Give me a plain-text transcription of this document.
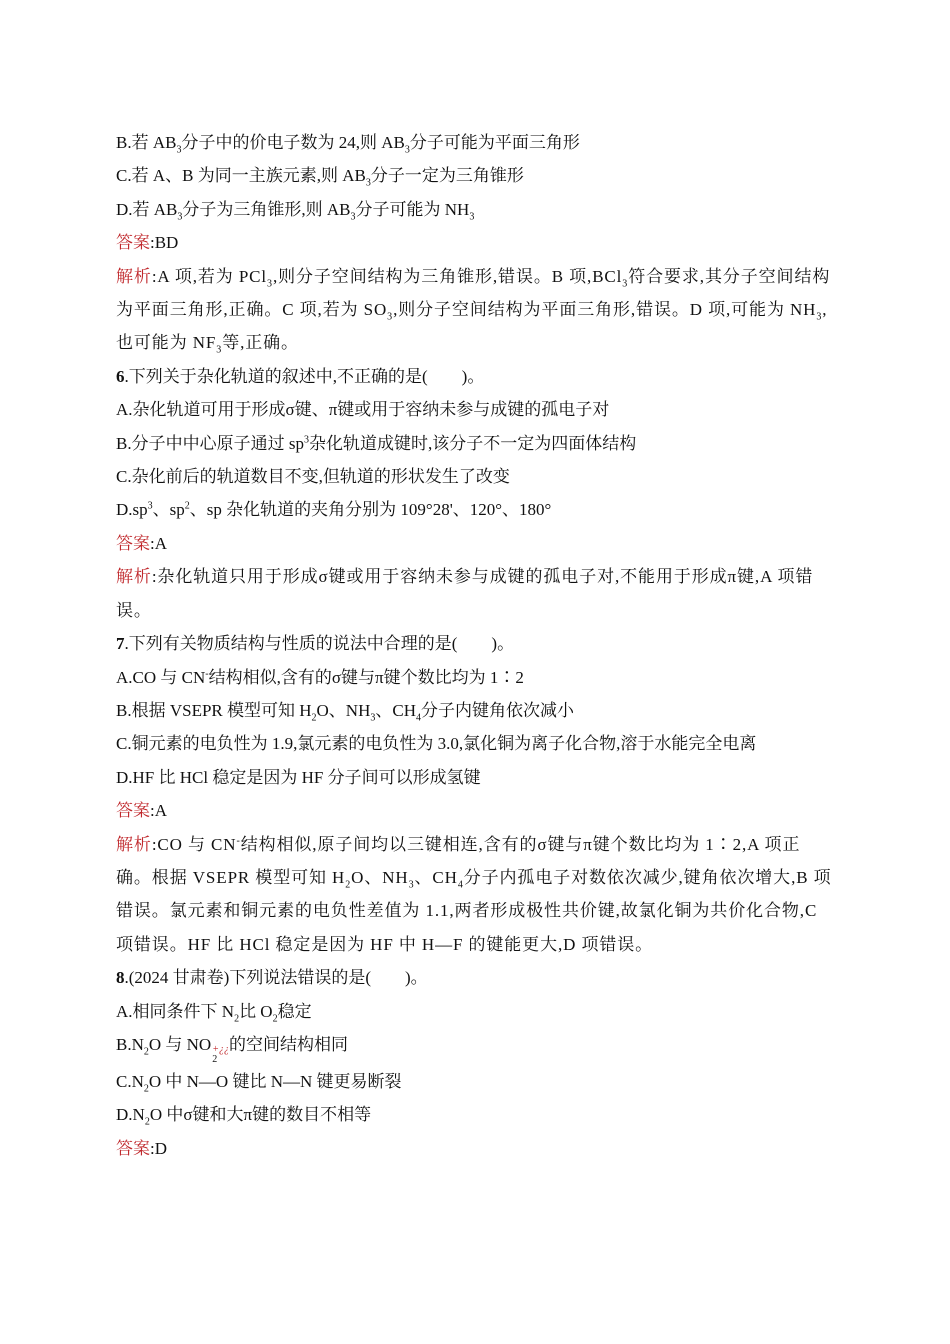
B.若 $AB_3$分子中的价电子数为 24,则 $AB_3$分子可能为平面三角形
C.若 A、B 为同一主族元素,则 $AB_3$分子一定为三角锥形
D.若 $AB_3$分子为三角锥形,则 $AB_3$分子可能为 $NH_3$
答案:BD
解析:A 项,若为 PCl$_3$,则分子空间结构为三角锥形,错误。B 项,BCl$_3$符合要求,其分子空间结构为平面三角形,正确。C 项,若为 $SO_3$,则分子空间结构为平面三角形,错误。D 项,可能为 $NH_3$,也可能为 $NF_3$等,正确。
6.下列关于杂化轨道的叙述中,不正确的是(　　)。
A.杂化轨道可用于形成σ键、π键或用于容纳未参与成键的孤电子对
B.分子中中心原子通过 $sp^3$杂化轨道成键时,该分子不一定为四面体结构
C.杂化前后的轨道数目不变,但轨道的形状发生了改变
$D.sp^3$、$sp^2$、sp 杂化轨道的夹角分别为 109°28'、120°、180°
答案:A
解析:杂化轨道只用于形成σ键或用于容纳未参与成键的孤电子对,不能用于形成π键,A 项错误。
7.下列有关物质结构与性质的说法中合理的是(　　)。
A.CO 与 CN-结构相似,含有的σ键与π键个数比均为 1∶2
B.根据 VSEPR 模型可知 $H_2O$、$NH_3$、$CH_4$分子内键角依次减小
C.铜元素的电负性为 1.9,氯元素的电负性为 3.0,氯化铜为离子化合物,溶于水能完全电离
D.HF 比 HCl 稳定是因为 HF 分子间可以形成氢键
答案:A
解析:CO 与 CN-结构相似,原子间均以三键相连,含有的σ键与π键个数比均为 1∶2,A 项正确。根据 VSEPR 模型可知 $H_2O$、$NH_3$、$CH_4$分子内孤电子对数依次减少,键角依次增大,B 项错误。氯元素和铜元素的电负性差值为 1.1,两者形成极性共价键,故氯化铜为共价化合物,C 项错误。HF 比 HCl 稳定是因为 HF 中 H—F 的键能更大,D 项错误。
8.(2024 甘肃卷)下列说法错误的是(　　)。
A.相同条件下 $N_2$比 $O_2$稳定
$B.N_2O$ 与 NO +¿¿
2
的空间结构相同
$C.N_2O$ 中 N—O 键比 N—N 键更易断裂
$D.N_2O$ 中σ键和大π键的数目不相等
答案:D
